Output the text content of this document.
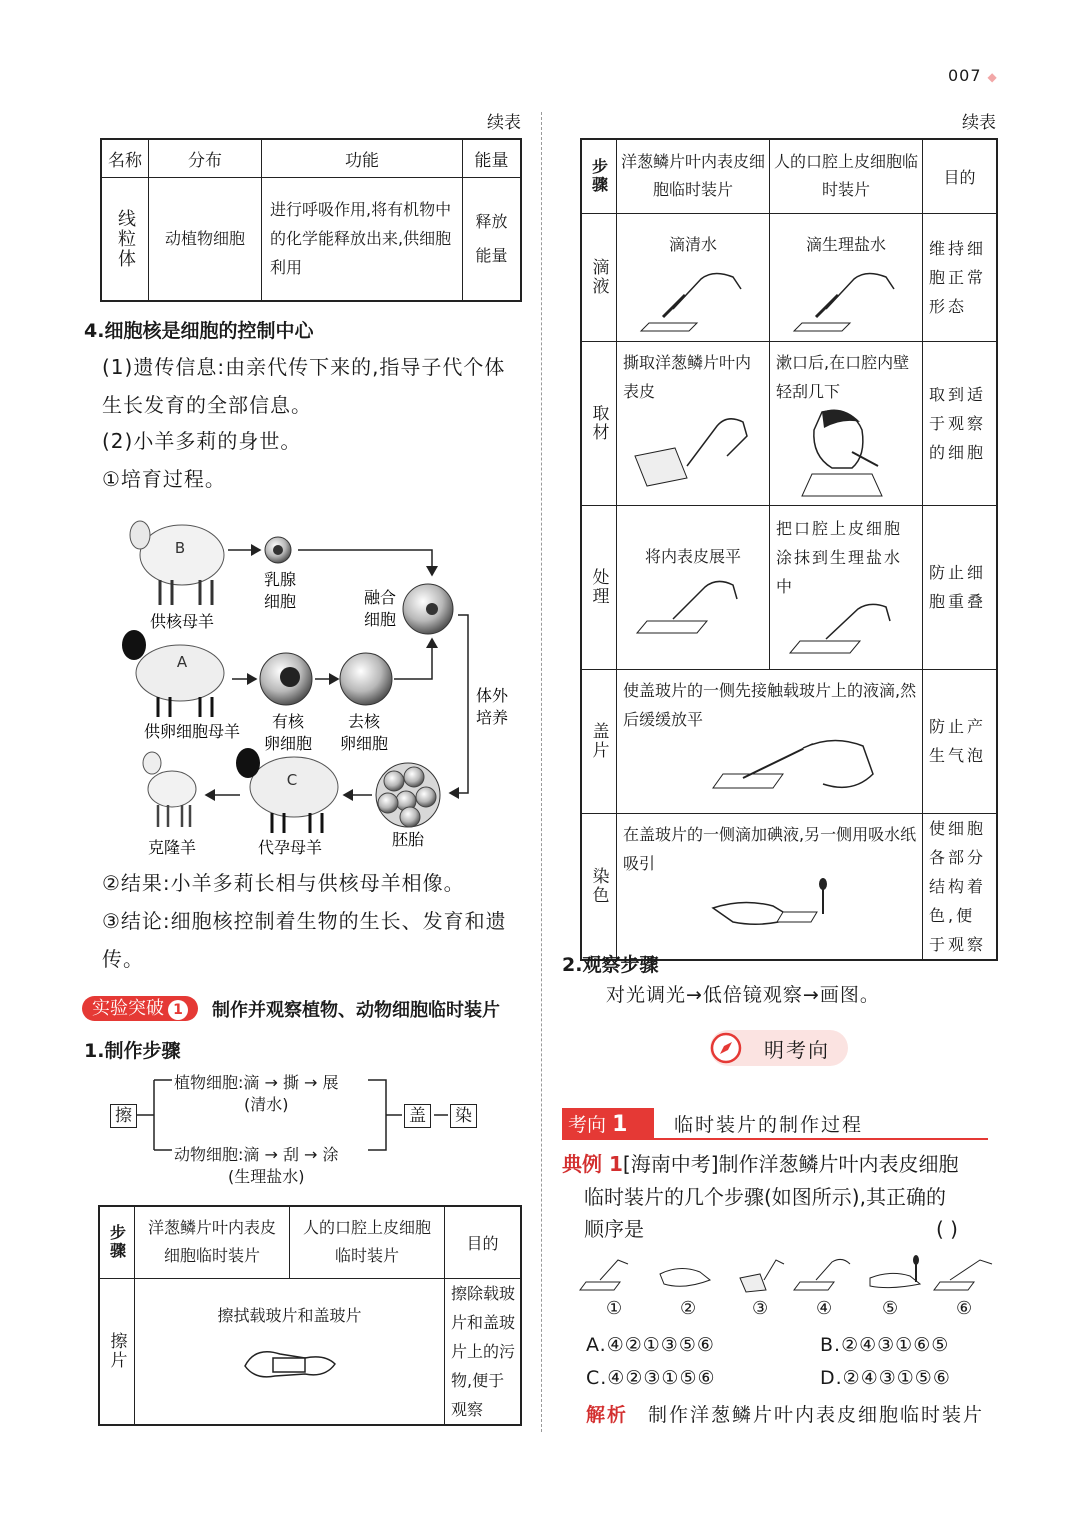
007 ◆
续表
名称	分布	功能	能量

线粒体	动植物细胞	进行呼吸作用,将有机物中的化学能释放出来,供细胞利用	释放能量
4.细胞核是细胞的控制中心
(1)遗传信息:由亲代传下来的,指导子代个体生长发育的全部信息。
(2)小羊多莉的身世。
①培育过程。
B
供核母羊
乳腺
细胞	融合
细胞
A
供卵细胞母羊
有核
卵细胞
去核
卵细胞
体外
培养
胚胎
C
代孕母羊
克隆羊
②结果:小羊多莉长相与供核母羊相像。
③结论:细胞核控制着生物的生长、发育和遗传。
实验突破 1	制作并观察植物、动物细胞临时装片
1.制作步骤
擦
植物细胞:滴 → 撕 → 展
(清水)
动物细胞:滴 → 刮 → 涂
(生理盐水)
盖 染
步骤	洋葱鳞片叶内表皮细胞临时装片	人的口腔上皮细胞临时装片	目的

擦片	擦拭载玻片和盖玻片		擦除载玻片和盖玻片上的污物,便于观察
续表
步骤	洋葱鳞片叶内表皮细胞临时装片	人的口腔上皮细胞临时装片	目的

滴液	滴清水	滴生理盐水	维持细胞正常形态

取材	撕取洋葱鳞片叶内表皮	漱口后,在口腔内壁轻刮几下	取到适于观察的细胞

处理	将内表皮展平	把口腔上皮细胞涂抹到生理盐水中	防止细胞重叠

盖片	使盖玻片的一侧先接触载玻片上的液滴,然后缓缓放平		防止产生气泡

染色	在盖玻片的一侧滴加碘液,另一侧用吸水纸吸引		使细胞各部分结构着色,便于观察
2.观察步骤
对光调光→低倍镜观察→画图。
明考向
考向 1 临时装片的制作过程
典例 1[海南中考]制作洋葱鳞片叶内表皮细胞
临时装片的几个步骤(如图所示),其正确的
顺序是	( )
①	②	③	④	⑤	⑥
A.④②①③⑤⑥	B.②④③①⑥⑤
C.④②③①⑤⑥	D.②④③①⑤⑥
解析 制作洋葱鳞片叶内表皮细胞临时装片
